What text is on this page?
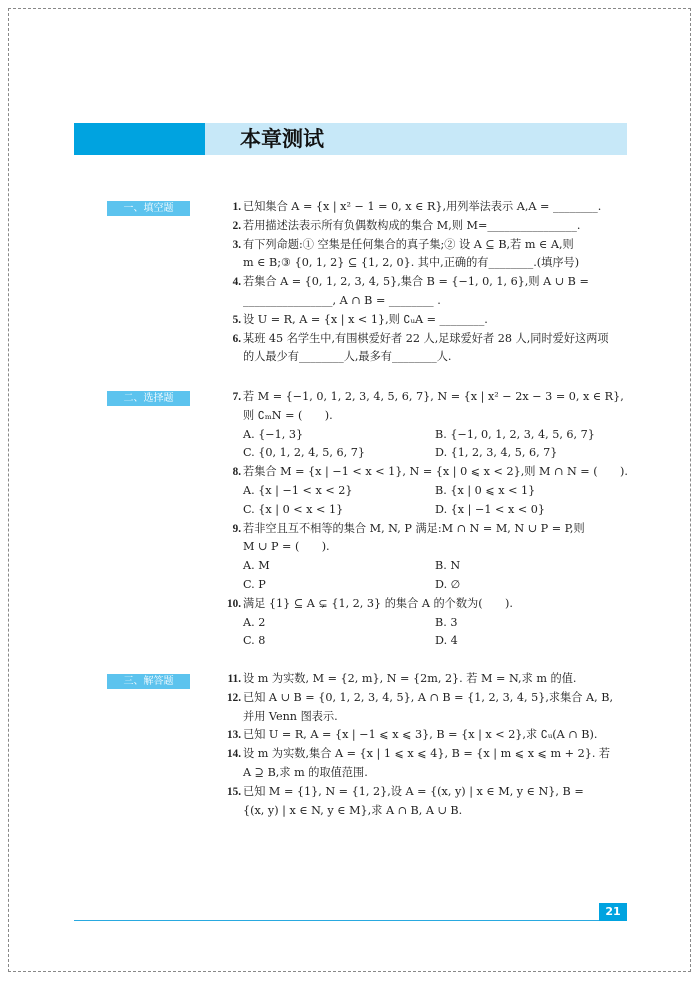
本章测试
一、填空题	1. 已知集合 A = {x | x² − 1 = 0, x ∈ R},用列举法表示 A,A = ________.
2. 若用描述法表示所有负偶数构成的集合 M,则 M=________________.
3. 有下列命题:① 空集是任何集合的真子集;② 设 A ⊆ B,若 m ∈ A,则
m ∈ B;③ {0, 1, 2} ⊆ {1, 2, 0}. 其中,正确的有________.(填序号)
4. 若集合 A = {0, 1, 2, 3, 4, 5},集合 B = {−1, 0, 1, 6},则 A ∪ B =
________________, A ∩ B = ________ .
5. 设 U = R, A = {x | x < 1},则 ∁ᵤA = ________.
6. 某班 45 名学生中,有围棋爱好者 22 人,足球爱好者 28 人,同时爱好这两项
的人最少有________人,最多有________人.
二、选择题	7. 若 M = {−1, 0, 1, 2, 3, 4, 5, 6, 7}, N = {x | x² − 2x − 3 = 0, x ∈ R},
则 ∁ₘN = (　　).
A. {−1, 3}	B. {−1, 0, 1, 2, 3, 4, 5, 6, 7}
C. {0, 1, 2, 4, 5, 6, 7}	D. {1, 2, 3, 4, 5, 6, 7}
8. 若集合 M = {x | −1 < x < 1}, N = {x | 0 ⩽ x < 2},则 M ∩ N = (　　).
A. {x | −1 < x < 2}	B. {x | 0 ⩽ x < 1}
C. {x | 0 < x < 1}	D. {x | −1 < x < 0}
9. 若非空且互不相等的集合 M, N, P 满足:M ∩ N = M, N ∪ P = P,则
M ∪ P = (　　).
A. M	B. N
C. P	D. ∅
10. 满足 {1} ⊆ A ⊊ {1, 2, 3} 的集合 A 的个数为(　　).
A. 2	B. 3
C. 8	D. 4
三、解答题	11. 设 m 为实数, M = {2, m}, N = {2m, 2}. 若 M = N,求 m 的值.
12. 已知 A ∪ B = {0, 1, 2, 3, 4, 5}, A ∩ B = {1, 2, 3, 4, 5},求集合 A, B,
并用 Venn 图表示.
13. 已知 U = R, A = {x | −1 ⩽ x ⩽ 3}, B = {x | x < 2},求 ∁ᵤ(A ∩ B).
14. 设 m 为实数,集合 A = {x | 1 ⩽ x ⩽ 4}, B = {x | m ⩽ x ⩽ m + 2}. 若
A ⊇ B,求 m 的取值范围.
15. 已知 M = {1}, N = {1, 2},设 A = {(x, y) | x ∈ M, y ∈ N}, B =
{(x, y) | x ∈ N, y ∈ M},求 A ∩ B, A ∪ B.
21
